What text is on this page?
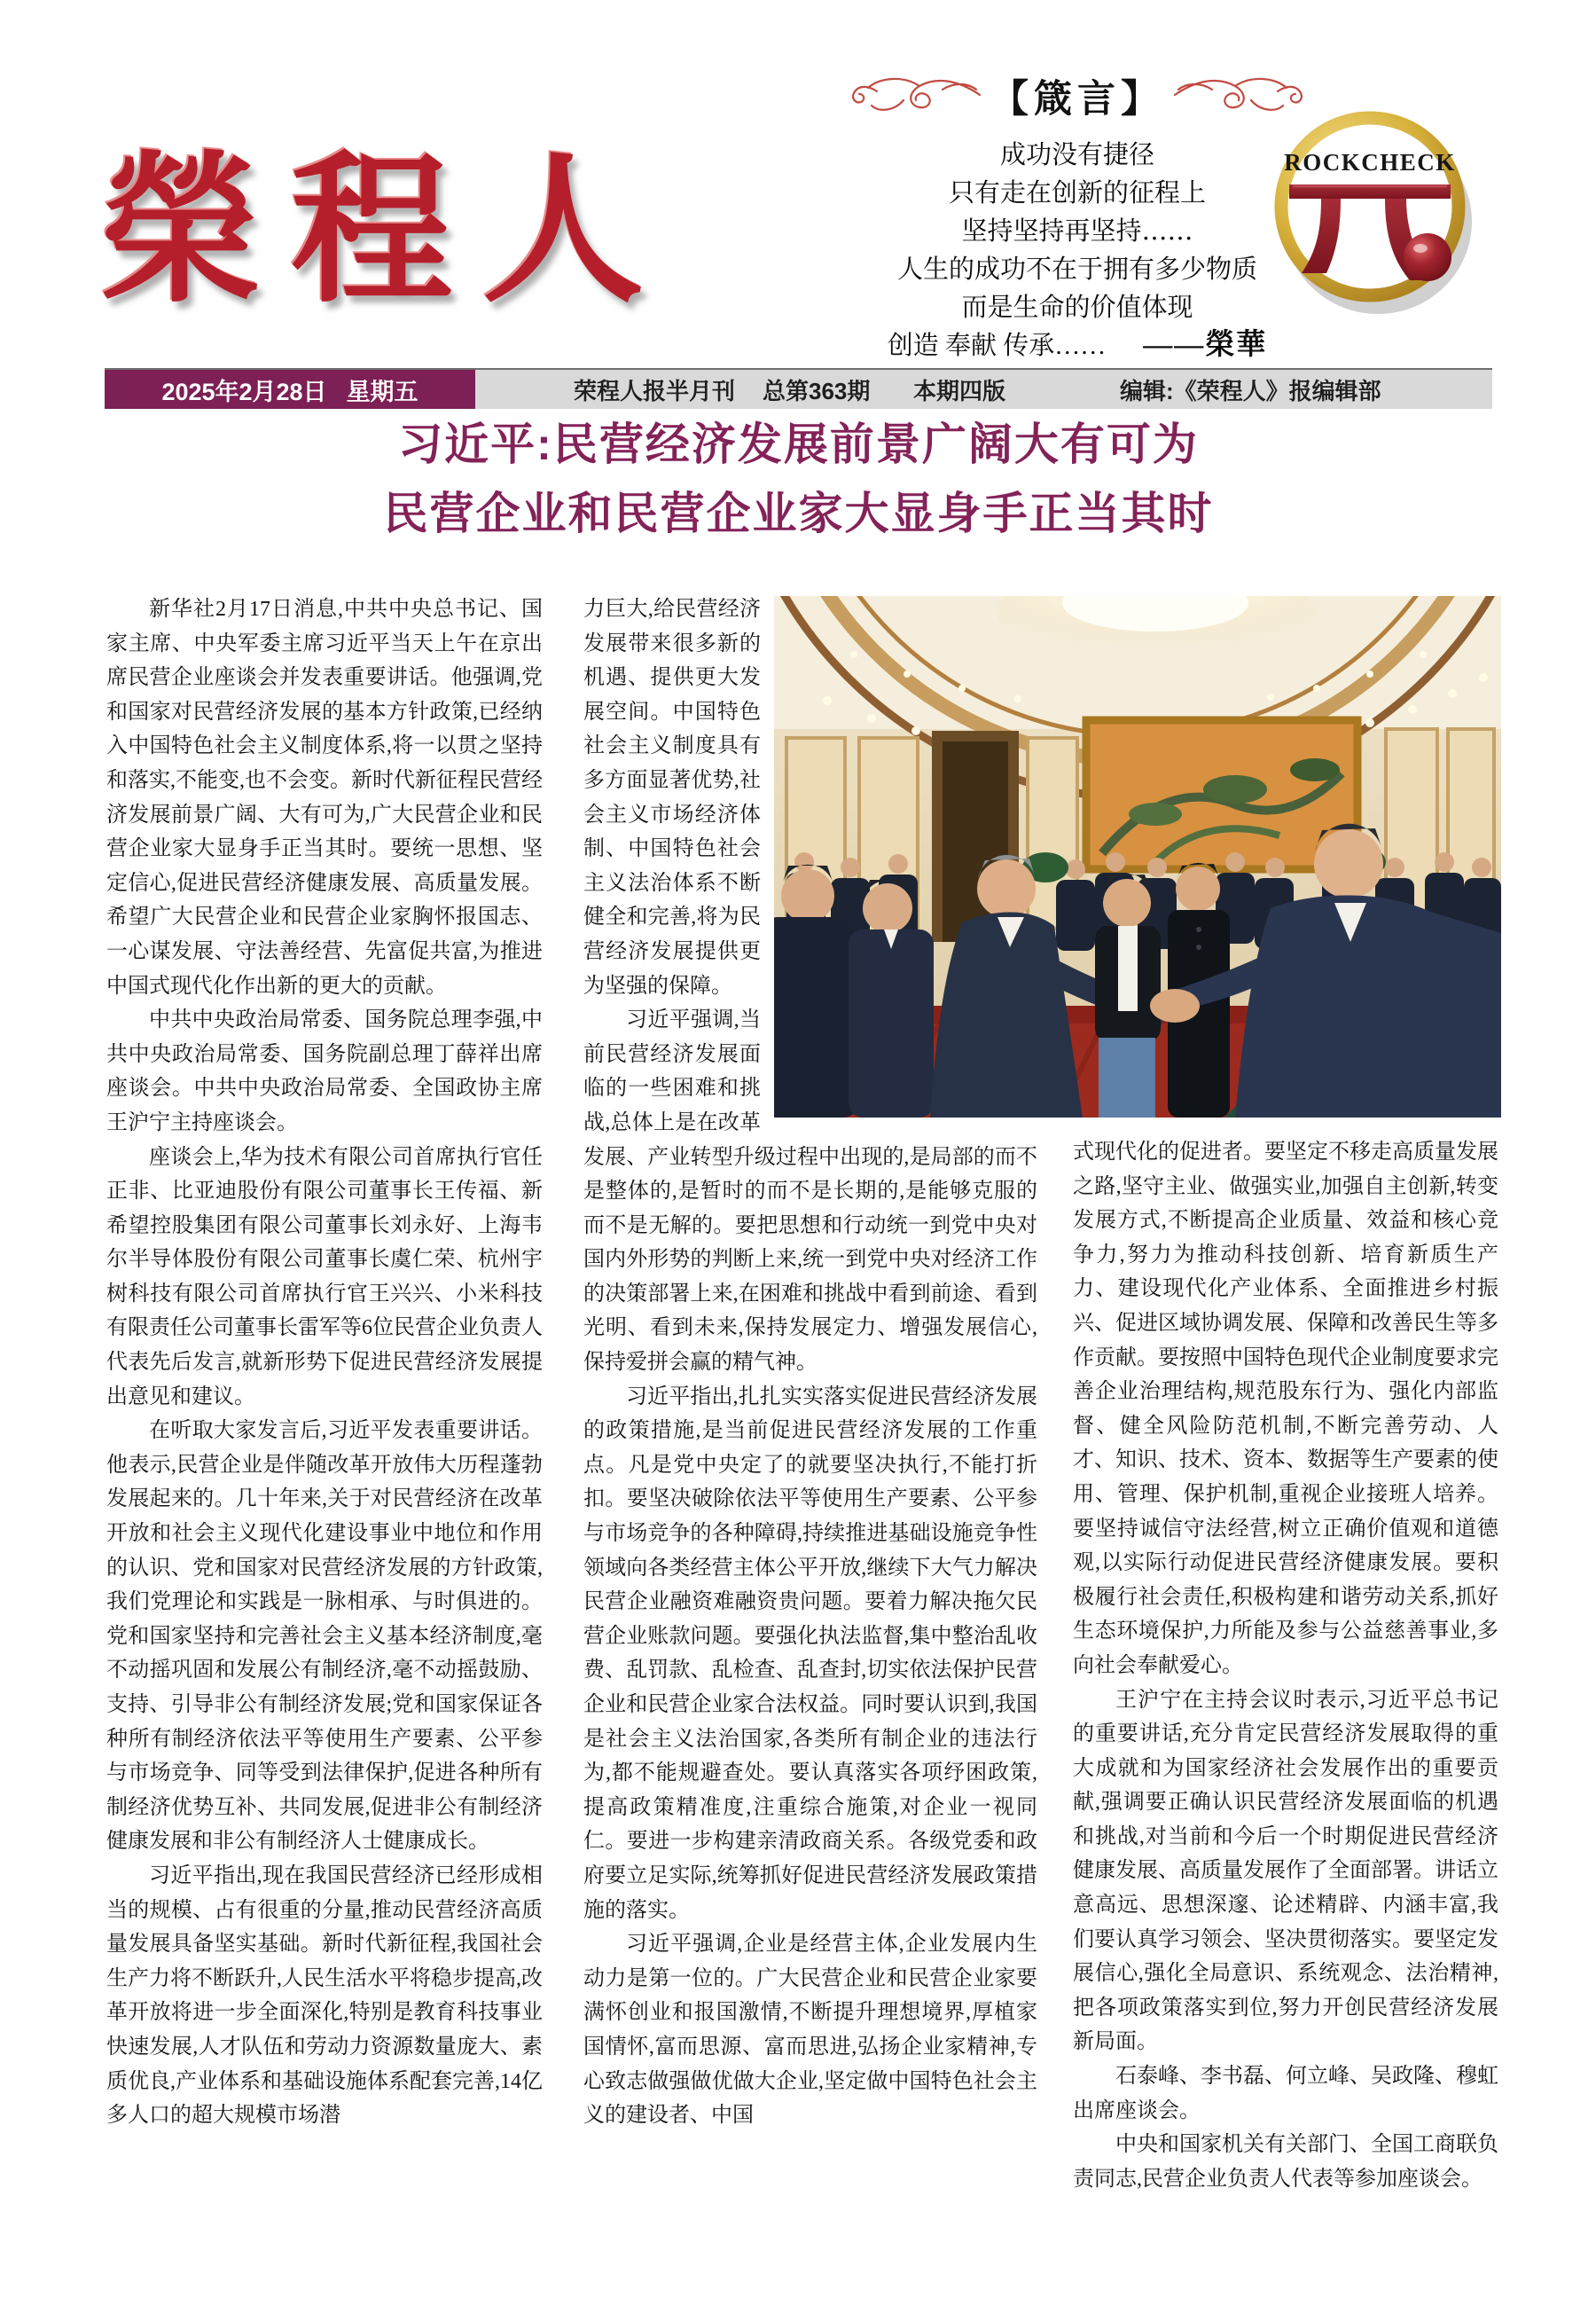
榮程人
【箴言】
成功没有捷径
只有走在创新的征程上
坚持坚持再坚持……
人生的成功不在于拥有多少物质
而是生命的价值体现
创造 奉献 传承…… ——榮華
ROCKCHECK
2025年2月28日 星期五	荣程人报半月刊 总第363期 本期四版	编辑:《荣程人》报编辑部
习近平:民营经济发展前景广阔大有可为
民营企业和民营企业家大显身手正当其时

新华社2月17日消息,中共中央总书记、国家主席、中央军委主席习近平当天上午在京出席民营企业座谈会并发表重要讲话。他强调,党和国家对民营经济发展的基本方针政策,已经纳入中国特色社会主义制度体系,将一以贯之坚持和落实,不能变,也不会变。新时代新征程民营经济发展前景广阔、大有可为,广大民营企业和民营企业家大显身手正当其时。要统一思想、坚定信心,促进民营经济健康发展、高质量发展。希望广大民营企业和民营企业家胸怀报国志、一心谋发展、守法善经营、先富促共富,为推进中国式现代化作出新的更大的贡献。

中共中央政治局常委、国务院总理李强,中共中央政治局常委、国务院副总理丁薛祥出席座谈会。中共中央政治局常委、全国政协主席王沪宁主持座谈会。

座谈会上,华为技术有限公司首席执行官任正非、比亚迪股份有限公司董事长王传福、新希望控股集团有限公司董事长刘永好、上海韦尔半导体股份有限公司董事长虞仁荣、杭州宇树科技有限公司首席执行官王兴兴、小米科技有限责任公司董事长雷军等6位民营企业负责人代表先后发言,就新形势下促进民营经济发展提出意见和建议。

在听取大家发言后,习近平发表重要讲话。他表示,民营企业是伴随改革开放伟大历程蓬勃发展起来的。几十年来,关于对民营经济在改革开放和社会主义现代化建设事业中地位和作用的认识、党和国家对民营经济发展的方针政策,我们党理论和实践是一脉相承、与时俱进的。党和国家坚持和完善社会主义基本经济制度,毫不动摇巩固和发展公有制经济,毫不动摇鼓励、支持、引导非公有制经济发展;党和国家保证各种所有制经济依法平等使用生产要素、公平参与市场竞争、同等受到法律保护,促进各种所有制经济优势互补、共同发展,促进非公有制经济健康发展和非公有制经济人士健康成长。

习近平指出,现在我国民营经济已经形成相当的规模、占有很重的分量,推动民营经济高质量发展具备坚实基础。新时代新征程,我国社会生产力将不断跃升,人民生活水平将稳步提高,改革开放将进一步全面深化,特别是教育科技事业快速发展,人才队伍和劳动力资源数量庞大、素质优良,产业体系和基础设施体系配套完善,14亿多人口的超大规模市场潜

力巨大,给民营经济发展带来很多新的机遇、提供更大发展空间。中国特色社会主义制度具有多方面显著优势,社会主义市场经济体制、中国特色社会主义法治体系不断健全和完善,将为民营经济发展提供更为坚强的保障。

习近平强调,当前民营经济发展面临的一些困难和挑战,总体上是在改革发展、产业转型升级过程中出现的,是局部的而不是整体的,是暂时的而不是长期的,是能够克服的而不是无解的。要把思想和行动统一到党中央对国内外形势的判断上来,统一到党中央对经济工作的决策部署上来,在困难和挑战中看到前途、看到光明、看到未来,保持发展定力、增强发展信心,保持爱拼会赢的精气神。

习近平指出,扎扎实实落实促进民营经济发展的政策措施,是当前促进民营经济发展的工作重点。凡是党中央定了的就要坚决执行,不能打折扣。要坚决破除依法平等使用生产要素、公平参与市场竞争的各种障碍,持续推进基础设施竞争性领域向各类经营主体公平开放,继续下大气力解决民营企业融资难融资贵问题。要着力解决拖欠民营企业账款问题。要强化执法监督,集中整治乱收费、乱罚款、乱检查、乱查封,切实依法保护民营企业和民营企业家合法权益。同时要认识到,我国是社会主义法治国家,各类所有制企业的违法行为,都不能规避查处。要认真落实各项纾困政策,提高政策精准度,注重综合施策,对企业一视同仁。要进一步构建亲清政商关系。各级党委和政府要立足实际,统筹抓好促进民营经济发展政策措施的落实。

习近平强调,企业是经营主体,企业发展内生动力是第一位的。广大民营企业和民营企业家要满怀创业和报国激情,不断提升理想境界,厚植家国情怀,富而思源、富而思进,弘扬企业家精神,专心致志做强做优做大企业,坚定做中国特色社会主义的建设者、中国

式现代化的促进者。要坚定不移走高质量发展之路,坚守主业、做强实业,加强自主创新,转变发展方式,不断提高企业质量、效益和核心竞争力,努力为推动科技创新、培育新质生产力、建设现代化产业体系、全面推进乡村振兴、促进区域协调发展、保障和改善民生等多作贡献。要按照中国特色现代企业制度要求完善企业治理结构,规范股东行为、强化内部监督、健全风险防范机制,不断完善劳动、人才、知识、技术、资本、数据等生产要素的使用、管理、保护机制,重视企业接班人培养。要坚持诚信守法经营,树立正确价值观和道德观,以实际行动促进民营经济健康发展。要积极履行社会责任,积极构建和谐劳动关系,抓好生态环境保护,力所能及参与公益慈善事业,多向社会奉献爱心。

王沪宁在主持会议时表示,习近平总书记的重要讲话,充分肯定民营经济发展取得的重大成就和为国家经济社会发展作出的重要贡献,强调要正确认识民营经济发展面临的机遇和挑战,对当前和今后一个时期促进民营经济健康发展、高质量发展作了全面部署。讲话立意高远、思想深邃、论述精辟、内涵丰富,我们要认真学习领会、坚决贯彻落实。要坚定发展信心,强化全局意识、系统观念、法治精神,把各项政策落实到位,努力开创民营经济发展新局面。

石泰峰、李书磊、何立峰、吴政隆、穆虹出席座谈会。

中央和国家机关有关部门、全国工商联负责同志,民营企业负责人代表等参加座谈会。
